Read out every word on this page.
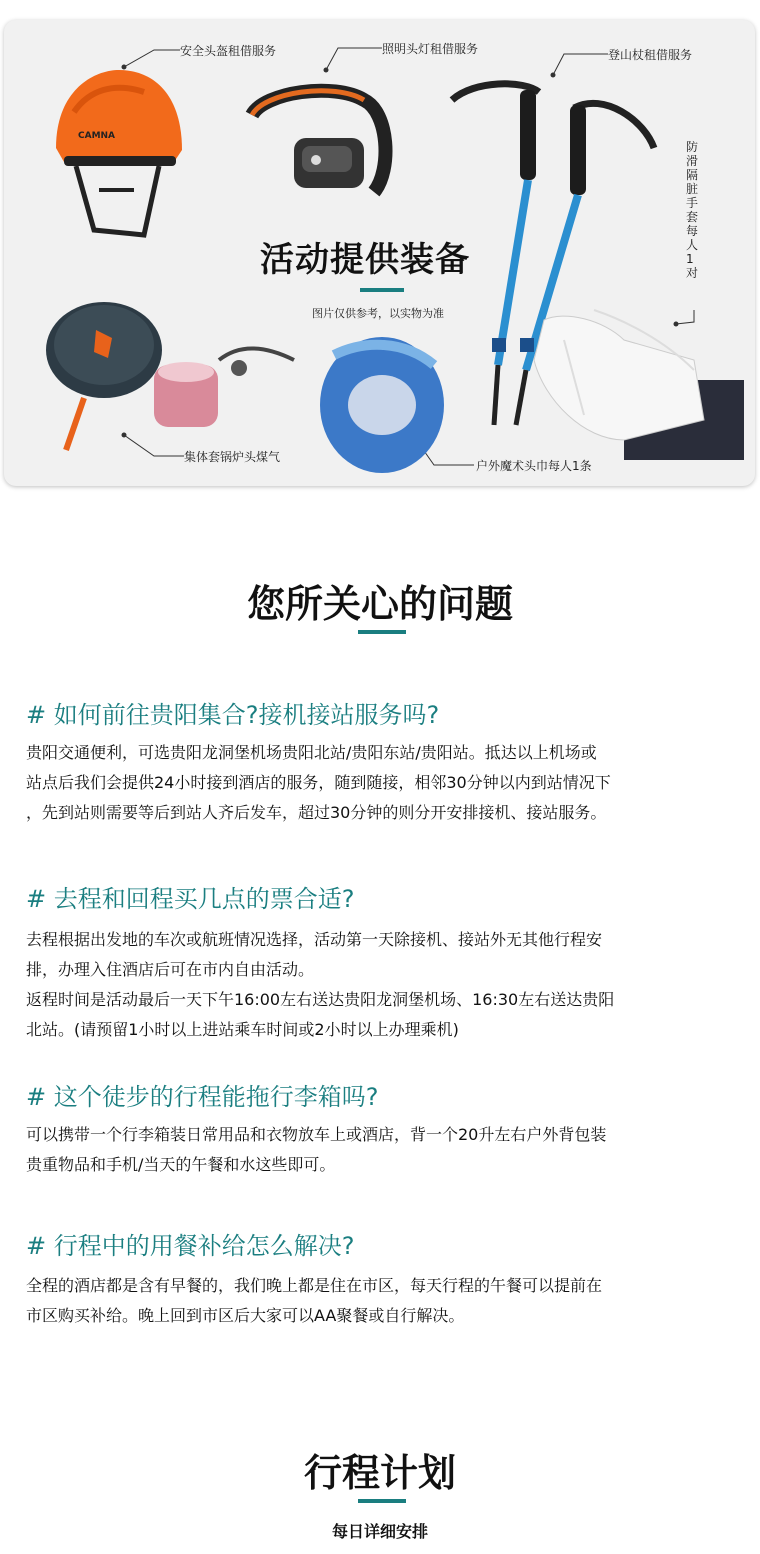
CAMNA
安全头盔租借服务	照明头灯租借服务	登山杖租借服务
防滑隔脏手套每人1对
集体套锅炉头煤气
户外魔术头巾每人1条
活动提供装备
图片仅供参考，以实物为准
您所关心的问题
# 如何前往贵阳集合?接机接站服务吗?

贵阳交通便利，可选贵阳龙洞堡机场贵阳北站/贵阳东站/贵阳站。抵达以上机场或

站点后我们会提供24小时接到酒店的服务，随到随接，相邻30分钟以内到站情况下

，先到站则需要等后到站人齐后发车，超过30分钟的则分开安排接机、接站服务。

# 去程和回程买几点的票合适?

去程根据出发地的车次或航班情况选择，活动第一天除接机、接站外无其他行程安

排，办理入住酒店后可在市内自由活动。

返程时间是活动最后一天下午16:00左右送达贵阳龙洞堡机场、16:30左右送达贵阳

北站。(请预留1小时以上进站乘车时间或2小时以上办理乘机)

# 这个徒步的行程能拖行李箱吗?

可以携带一个行李箱装日常用品和衣物放车上或酒店，背一个20升左右户外背包装

贵重物品和手机/当天的午餐和水这些即可。

# 行程中的用餐补给怎么解决?

全程的酒店都是含有早餐的，我们晚上都是住在市区，每天行程的午餐可以提前在

市区购买补给。晚上回到市区后大家可以AA聚餐或自行解决。

行程计划
每日详细安排
